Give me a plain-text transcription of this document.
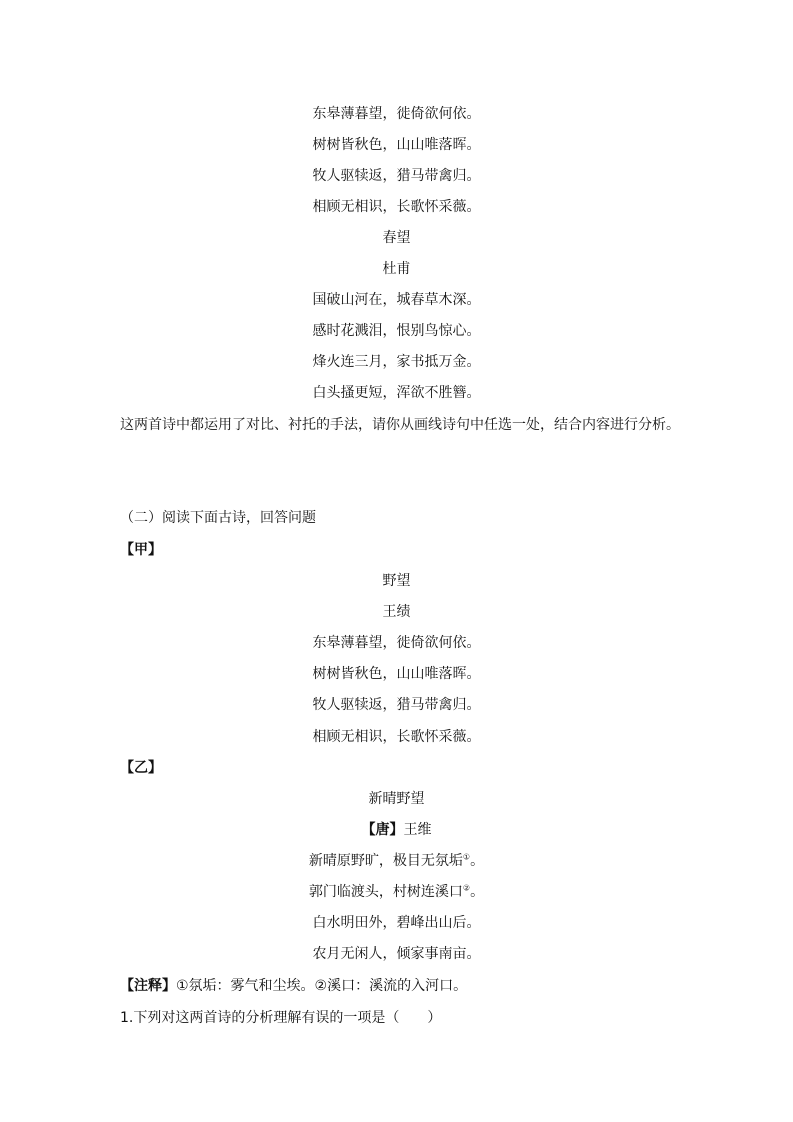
东皋薄暮望，徙倚欲何依。
树树皆秋色，山山唯落晖。
牧人驱犊返，猎马带禽归。
相顾无相识，长歌怀采薇。
春望
杜甫
国破山河在，城春草木深。
感时花溅泪，恨别鸟惊心。
烽火连三月，家书抵万金。
白头搔更短，浑欲不胜簪。
这两首诗中都运用了对比、衬托的手法，请你从画线诗句中任选一处，结合内容进行分析。
（二）阅读下面古诗，回答问题
【甲】
野望
王绩
东皋薄暮望，徙倚欲何依。
树树皆秋色，山山唯落晖。
牧人驱犊返，猎马带禽归。
相顾无相识，长歌怀采薇。
【乙】
新晴野望
【唐】王维
新晴原野旷，极目无氛垢①。
郭门临渡头，村树连溪口②。
白水明田外，碧峰出山后。
农月无闲人，倾家事南亩。
【注释】①氛垢：雾气和尘埃。②溪口：溪流的入河口。
1.下列对这两首诗的分析理解有误的一项是（　　）
